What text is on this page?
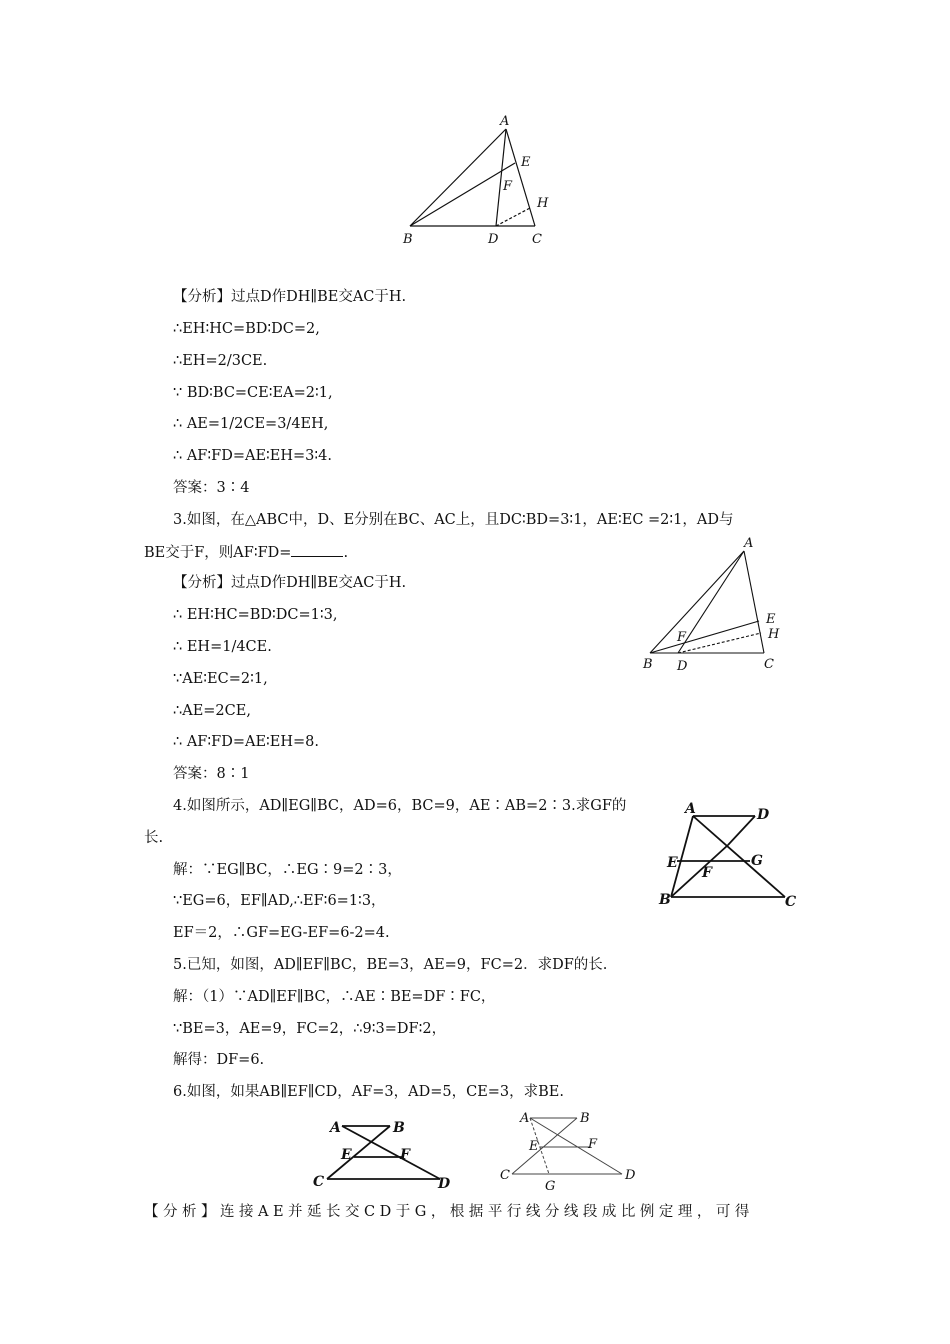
A
E
F
H
B	D	C
A
E
H
F
B D	C
A	D
E	G
F
B	C
A	B
E	F
C	D
A	B
E	F
C	D
G
【分析】过点D作DH∥BE交AC于H.
∴EH∶HC=BD∶DC=2,
∴EH=2/3CE.
∵ BD∶BC=CE∶EA=2∶1,
∴ AE=1/2CE=3/4EH,
∴ AF∶FD=AE∶EH=3∶4.
答案：3∶4
3.如图，在△ABC中，D、E分别在BC、AC上，且DC∶BD=3∶1，AE∶EC =2∶1，AD与
BE交于F，则AF∶FD=	.
【分析】过点D作DH∥BE交AC于H.
∴ EH∶HC=BD∶DC=1∶3,
∴ EH=1/4CE.
∵AE∶EC=2∶1,
∴AE=2CE,
∴ AF∶FD=AE∶EH=8.
答案：8∶1
4.如图所示，AD∥EG∥BC，AD=6，BC=9，AE∶AB=2∶3.求GF的
长.
解：∵EG∥BC，∴EG∶9=2∶3，
∵EG=6，EF∥AD,∴EF∶6=1∶3，
EF＝2，∴GF=EG-EF=6-2=4.
5.已知，如图，AD∥EF∥BC，BE=3，AE=9，FC=2．求DF的长.
解：（1）∵AD∥EF∥BC，∴AE∶BE=DF∶FC，
∵BE=3，AE=9，FC=2，∴9∶3=DF∶2，
解得：DF=6.
6.如图，如果AB∥EF∥CD，AF=3，AD=5，CE=3，求BE.
【分析】连接AE并延长交CD于G，根据平行线分线段成比例定理，可得
